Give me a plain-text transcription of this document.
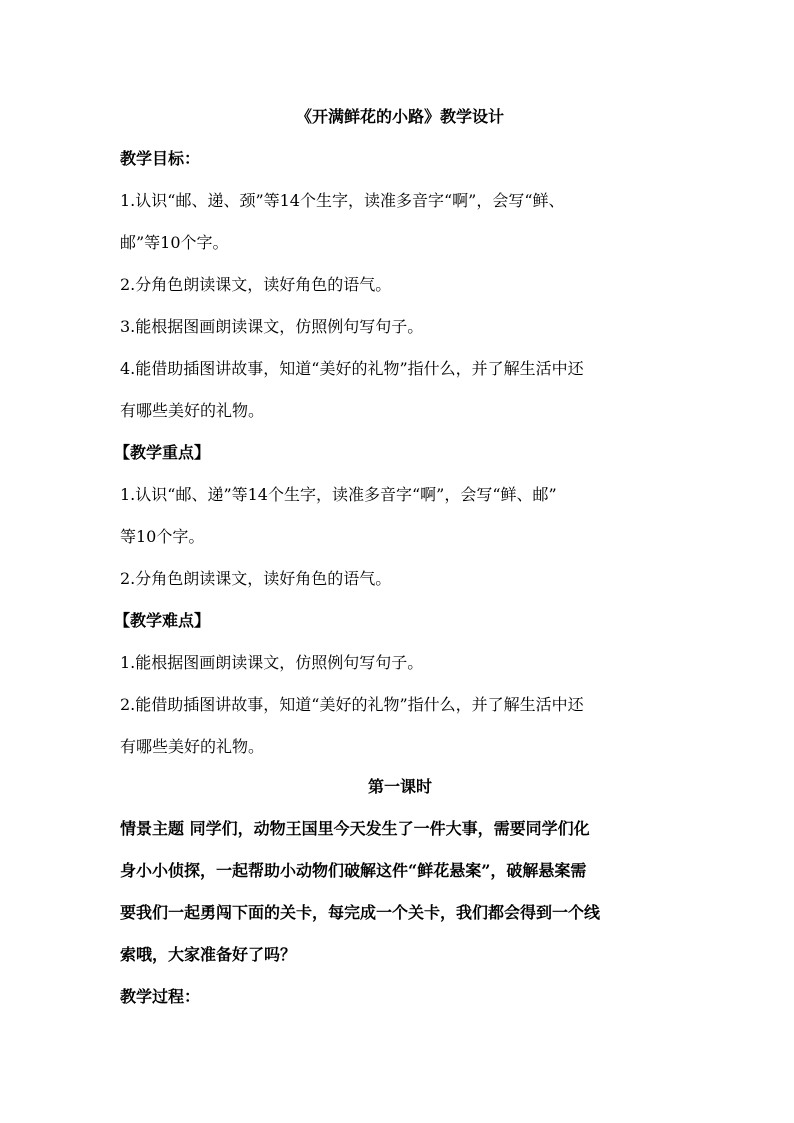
《开满鲜花的小路》教学设计
教学目标：
1.认识“邮、递、颈”等14个生字，读准多音字“啊”，会写“鲜、
邮”等10个字。
2.分角色朗读课文，读好角色的语气。
3.能根据图画朗读课文，仿照例句写句子。
4.能借助插图讲故事，知道“美好的礼物”指什么，并了解生活中还
有哪些美好的礼物。
【教学重点】
1.认识“邮、递”等14个生字，读准多音字“啊”，会写“鲜、邮”
等10个字。
2.分角色朗读课文，读好角色的语气。
【教学难点】
1.能根据图画朗读课文，仿照例句写句子。
2.能借助插图讲故事，知道“美好的礼物”指什么，并了解生活中还
有哪些美好的礼物。
第一课时
情景主题 同学们，动物王国里今天发生了一件大事，需要同学们化
身小小侦探，一起帮助小动物们破解这件“鲜花悬案”，破解悬案需
要我们一起勇闯下面的关卡，每完成一个关卡，我们都会得到一个线
索哦，大家准备好了吗？
教学过程：
